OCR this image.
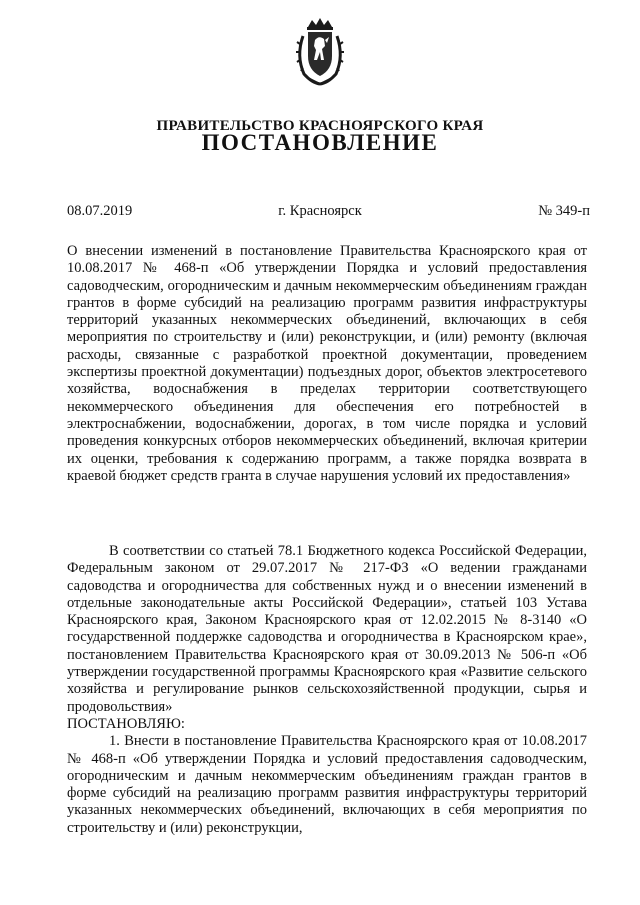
ПРАВИТЕЛЬСТВО КРАСНОЯРСКОГО КРАЯ
ПОСТАНОВЛЕНИЕ
08.07.2019	г. Красноярск	№ 349-п
О внесении изменений в постановление Правительства Красноярского края от 10.08.2017 № 468-п «Об утверждении Порядка и условий предоставления садоводческим, огородническим и дачным некоммерческим объединениям граждан грантов в форме субсидий на реализацию программ развития инфраструктуры территорий указанных некоммерческих объединений, включающих в себя мероприятия по строительству и (или) реконструкции, и (или) ремонту (включая расходы, связанные с разработкой проектной документации, проведением экспертизы проектной документации) подъездных дорог, объектов электросетевого хозяйства, водоснабжения в пределах территории соответствующего некоммерческого объединения для обеспечения его потребностей в электроснабжении, водоснабжении, дорогах, в том числе порядка и условий проведения конкурсных отборов некоммерческих объединений, включая критерии их оценки, требования к содержанию программ, а также порядка возврата в краевой бюджет средств гранта в случае нарушения условий их предоставления»

В соответствии со статьей 78.1 Бюджетного кодекса Российской Федерации, Федеральным законом от 29.07.2017 № 217-ФЗ «О ведении гражданами садоводства и огородничества для собственных нужд и о внесении изменений в отдельные законодательные акты Российской Федерации», статьей 103 Устава Красноярского края, Законом Красноярского края от 12.02.2015 № 8-3140 «О государственной поддержке садоводства и огородничества в Красноярском крае», постановлением Правительства Красноярского края от 30.09.2013 № 506-п «Об утверждении государственной программы Красноярского края «Развитие сельского хозяйства и регулирование рынков сельскохозяйственной продукции, сырья и продовольствия»

ПОСТАНОВЛЯЮ:

1. Внести в постановление Правительства Красноярского края от 10.08.2017 № 468-п «Об утверждении Порядка и условий предоставления садоводческим, огородническим и дачным некоммерческим объединениям граждан грантов в форме субсидий на реализацию программ развития инфраструктуры территорий указанных некоммерческих объединений, включающих в себя мероприятия по строительству и (или) реконструкции,
